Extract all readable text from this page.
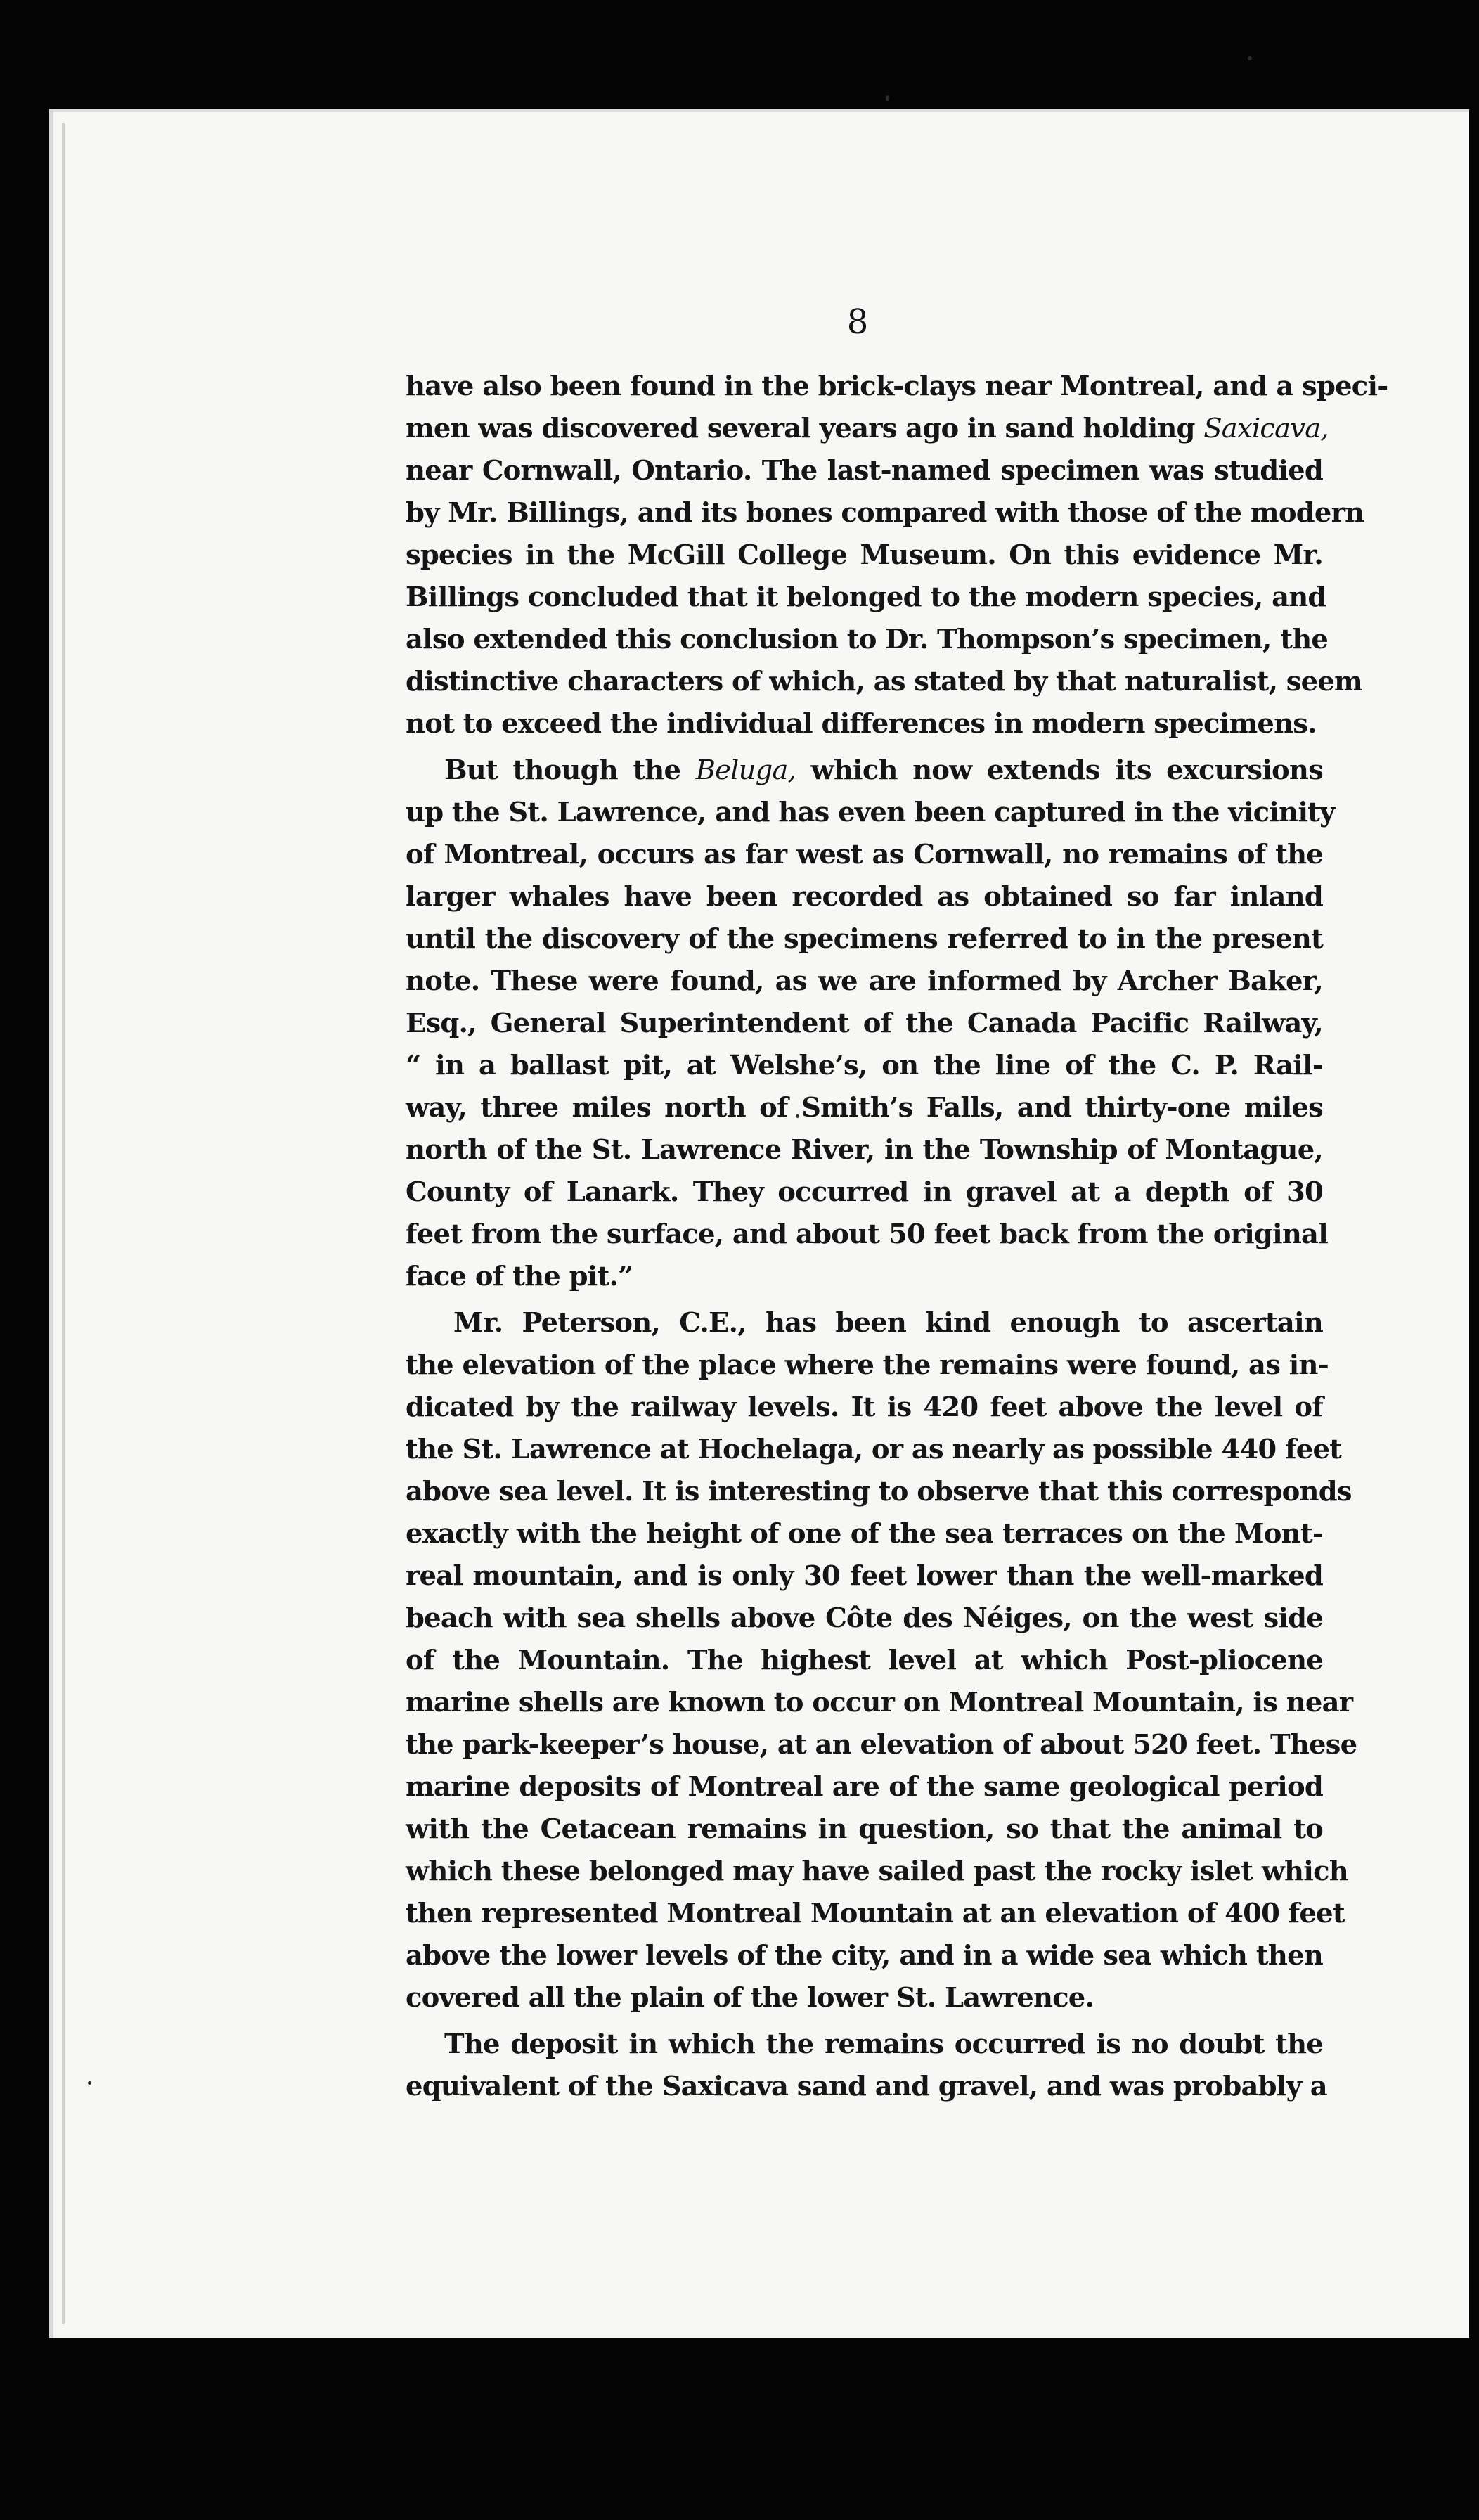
8
have also been found in the brick-clays near Montreal, and a speci-
men was discovered several years ago in sand holding Saxicava,
near Cornwall, Ontario. The last-named specimen was studied
by Mr. Billings, and its bones compared with those of the modern
species in the McGill College Museum. On this evidence Mr.
Billings concluded that it belonged to the modern species, and
also extended this conclusion to Dr. Thompson’s specimen, the
distinctive characters of which, as stated by that naturalist, seem
not to exceed the individual differences in modern specimens.
But though the Beluga, which now extends its excursions
up the St. Lawrence, and has even been captured in the vicinity
of Montreal, occurs as far west as Cornwall, no remains of the
larger whales have been recorded as obtained so far inland
until the discovery of the specimens referred to in the present
note. These were found, as we are informed by Archer Baker,
Esq., General Superintendent of the Canada Pacific Railway,
“ in a ballast pit, at Welshe’s, on the line of the C. P. Rail-
way, three miles north of Smith’s Falls, and thirty-one miles
north of the St. Lawrence River, in the Township of Montague,
County of Lanark. They occurred in gravel at a depth of 30
feet from the surface, and about 50 feet back from the original
face of the pit.”
Mr. Peterson, C.E., has been kind enough to ascertain
the elevation of the place where the remains were found, as in-
dicated by the railway levels. It is 420 feet above the level of
the St. Lawrence at Hochelaga, or as nearly as possible 440 feet
above sea level. It is interesting to observe that this corresponds
exactly with the height of one of the sea terraces on the Mont-
real mountain, and is only 30 feet lower than the well-marked
beach with sea shells above Côte des Néiges, on the west side
of the Mountain. The highest level at which Post-pliocene
marine shells are known to occur on Montreal Mountain, is near
the park-keeper’s house, at an elevation of about 520 feet. These
marine deposits of Montreal are of the same geological period
with the Cetacean remains in question, so that the animal to
which these belonged may have sailed past the rocky islet which
then represented Montreal Mountain at an elevation of 400 feet
above the lower levels of the city, and in a wide sea which then
covered all the plain of the lower St. Lawrence.
The deposit in which the remains occurred is no doubt the
equivalent of the Saxicava sand and gravel, and was probably a
